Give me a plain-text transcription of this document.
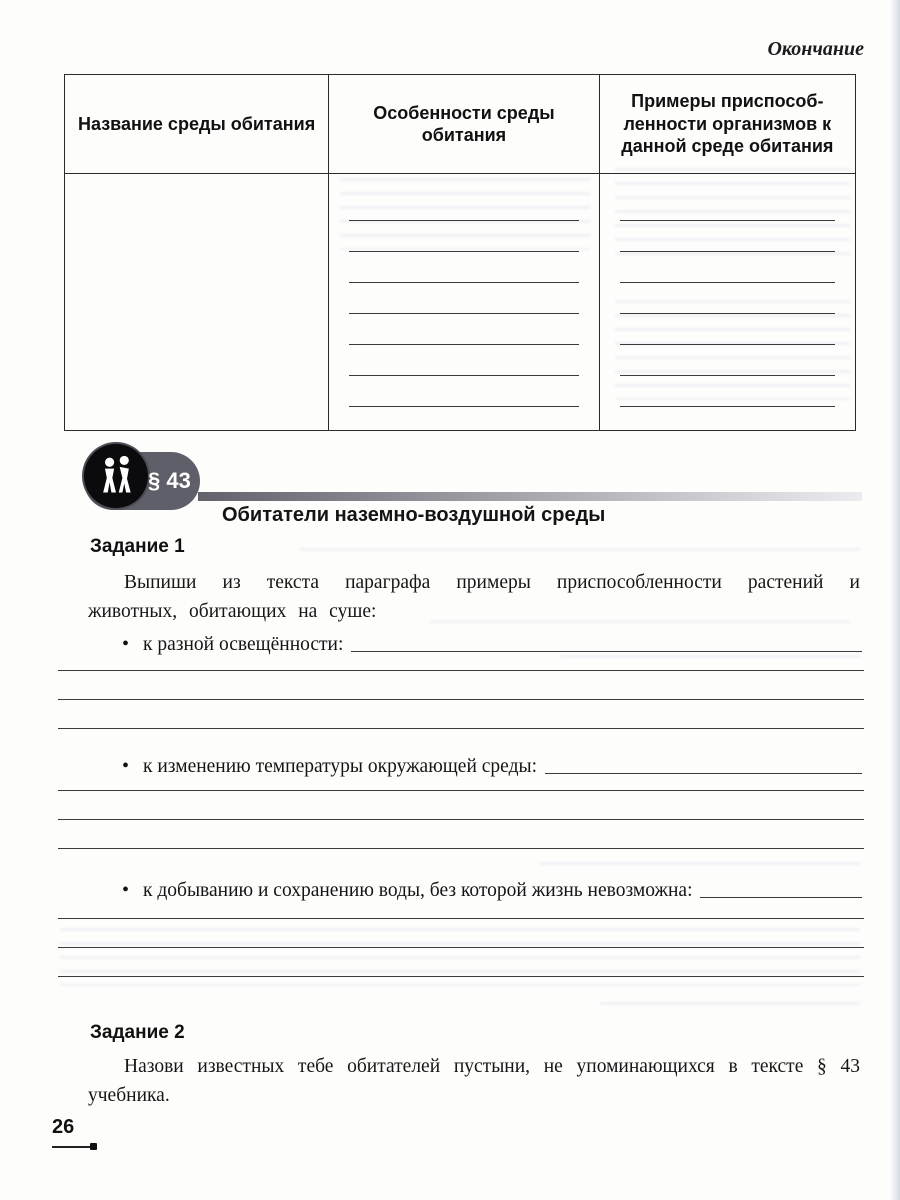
Окончание
Название среды обитания	Особенности среды обитания	Примеры приспособ-ленности организмов к данной среде обитания

§ 43
Обитатели наземно-воздушной среды
Задание 1
Выпиши из текста параграфа примеры приспособленности растений и животных, обитающих на суше:
• к разной освещённости:
• к изменению температуры окружающей среды:
• к добыванию и сохранению воды, без которой жизнь невозможна:
Задание 2
Назови известных тебе обитателей пустыни, не упоминающихся в тексте § 43 учебника.
26
